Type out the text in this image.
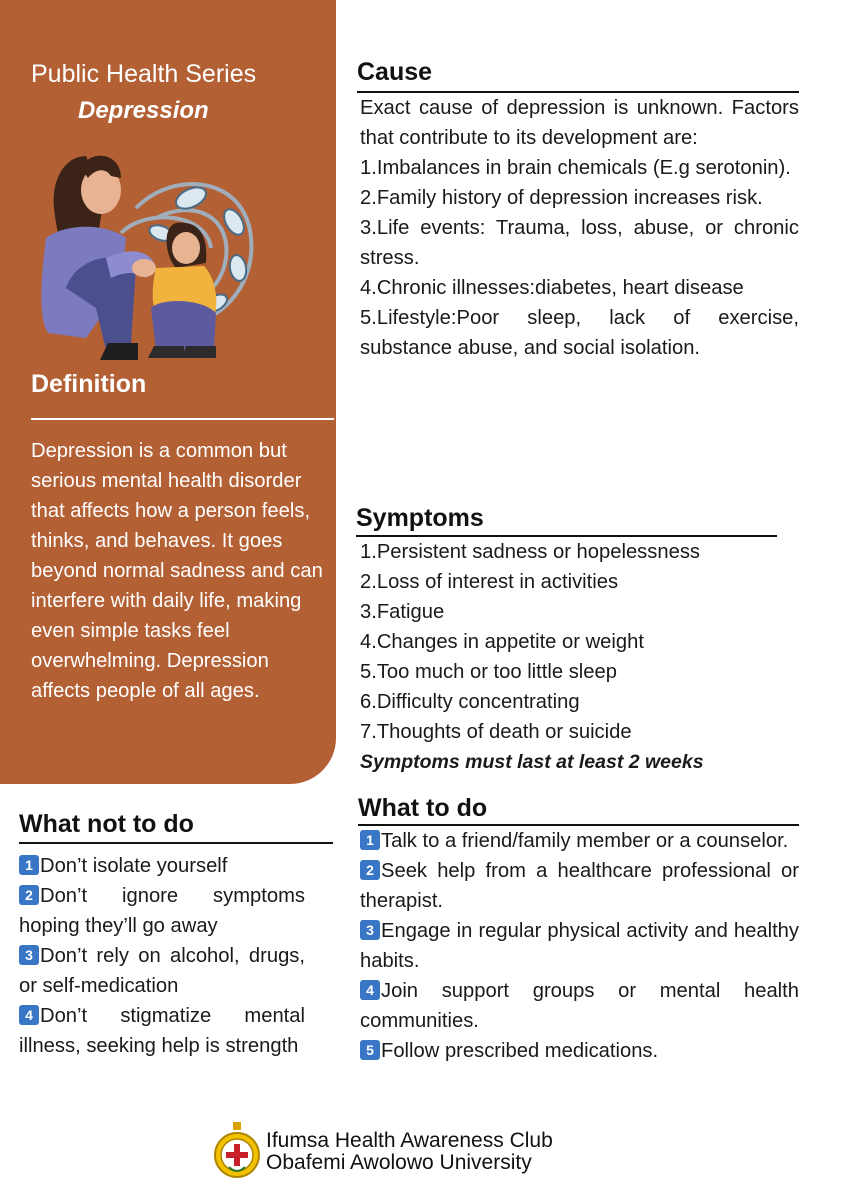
Public Health Series
Depression
Definition
Depression is a common but serious mental health disorder that affects how a person feels, thinks, and behaves. It goes beyond normal sadness and can interfere with daily life, making even simple tasks feel overwhelming. Depression affects people of all ages.
Cause

Exact cause of depression is unknown. Factors that contribute to its development are:

1.Imbalances in brain chemicals (E.g serotonin).

2.Family history of depression increases risk.

3.Life events: Trauma, loss, abuse, or chronic stress.

4.Chronic illnesses:diabetes, heart disease

5.Lifestyle:Poor sleep, lack of exercise, substance abuse, and social isolation.

Symptoms

1.Persistent sadness or hopelessness

2.Loss of interest in activities

3.Fatigue

4.Changes in appetite or weight

5.Too much or too little sleep

6.Difficulty concentrating

7.Thoughts of death or suicide

Symptoms must last at least 2 weeks

What not to do

1 Don’t isolate yourself

2 Don’t ignore symptoms hoping they’ll go away

3 Don’t rely on alcohol, drugs, or self-medication

4 Don’t stigmatize mental illness, seeking help is strength

What to do

1 Talk to a friend/family member or a counselor.

2 Seek help from a healthcare professional or therapist.

3 Engage in regular physical activity and healthy habits.

4 Join support groups or mental health communities.

5 Follow prescribed medications.

Ifumsa Health Awareness Club
Obafemi Awolowo University
